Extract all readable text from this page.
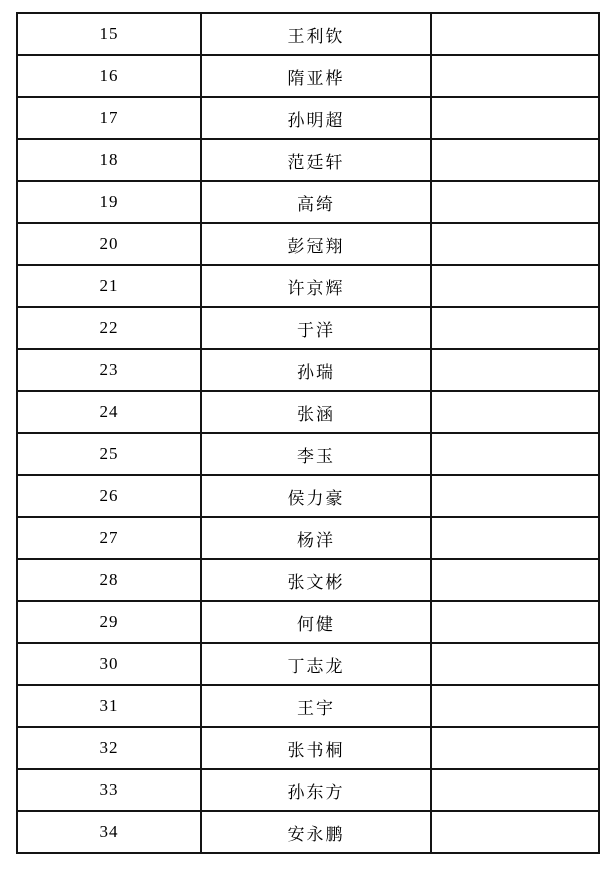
15	王利钦	
16	隋亚桦	
17	孙明超	
18	范廷轩	
19	高绮	
20	彭冠翔	
21	许京辉	
22	于洋	
23	孙瑞	
24	张涵	
25	李玉	
26	侯力豪	
27	杨洋	
28	张文彬	
29	何健	
30	丁志龙	
31	王宇	
32	张书桐	
33	孙东方	
34	安永鹏	
